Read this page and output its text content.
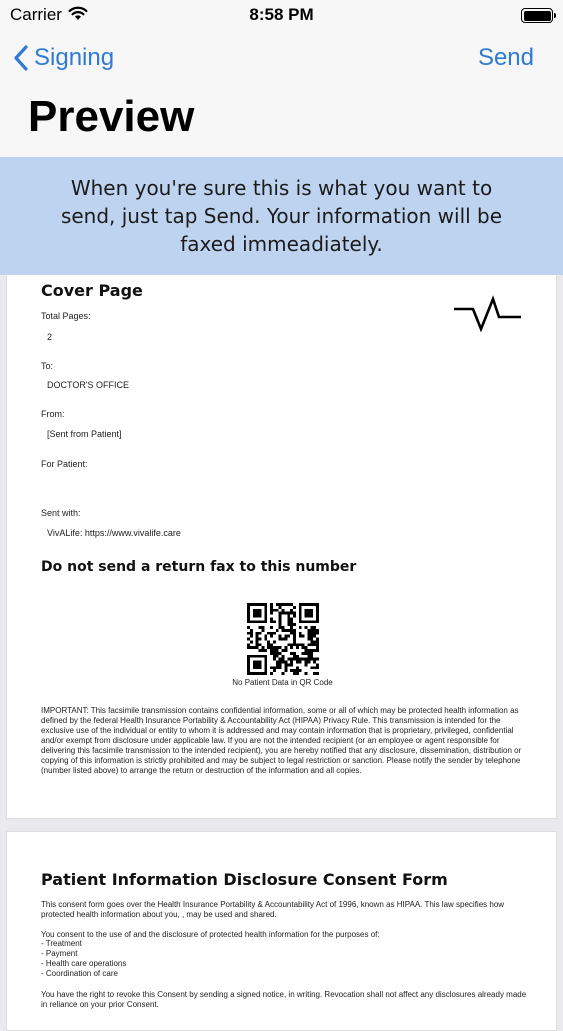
Carrier	8:58 PM
Signing	Send
Preview
When you're sure this is what you want to send, just tap Send. Your information will be faxed immeadiately.
Cover Page
Total Pages:
2
To:
DOCTOR'S OFFICE
From:
[Sent from Patient]
For Patient:
Sent with:
VivALife: https://www.vivalife.care
Do not send a return fax to this number
No Patient Data in QR Code
IMPORTANT: This facsimile transmission contains confidential information, some or all of which may be protected health information as defined by the federal Health Insurance Portability & Accountability Act (HIPAA) Privacy Rule. This transmission is intended for the exclusive use of the individual or entity to whom it is addressed and may contain information that is proprietary, privileged, confidential and/or exempt from disclosure under applicable law. If you are not the intended recipient (or an employee or agent responsible for delivering this facsimile transmission to the intended recipient), you are hereby notified that any disclosure, dissemination, distribution or copying of this information is strictly prohibited and may be subject to legal restriction or sanction. Please notify the sender by telephone (number listed above) to arrange the return or destruction of the information and all copies.
Patient Information Disclosure Consent Form
This consent form goes over the Health Insurance Portability & Accountability Act of 1996, known as HIPAA. This law specifies how protected health information about you, , may be used and shared.
You consent to the use of and the disclosure of protected health information for the purposes of:
- Treatment
- Payment
- Health care operations
- Coordination of care
You have the right to revoke this Consent by sending a signed notice, in writing. Revocation shall not affect any disclosures already made in reliance on your prior Consent.
